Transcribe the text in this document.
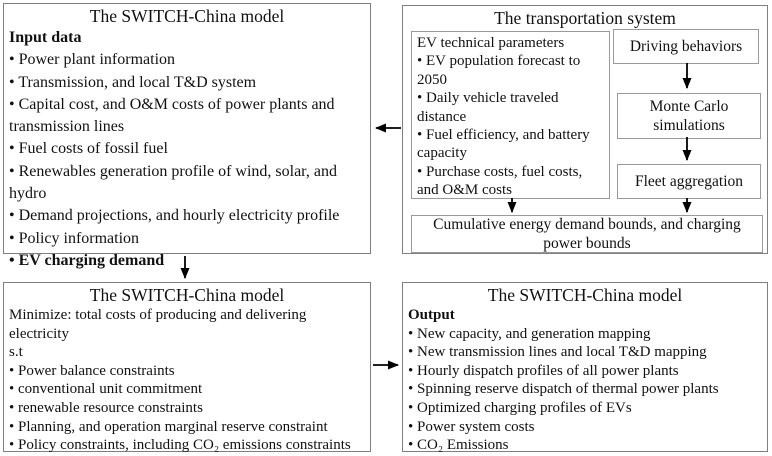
The SWITCH-China model
Input data
• Power plant information
• Transmission, and local T&D system
• Capital cost, and O&M costs of power plants and transmission lines
• Fuel costs of fossil fuel
• Renewables generation profile of wind, solar, and hydro
• Demand projections, and hourly electricity profile
• Policy information
• EV charging demand
The transportation system
EV technical parameters
• EV population forecast to 2050
• Daily vehicle traveled distance
• Fuel efficiency, and battery capacity
• Purchase costs, fuel costs, and O&M costs
Driving behaviors
Monte Carlo simulations
Fleet aggregation
Cumulative energy demand bounds, and charging power bounds
The SWITCH-China model
Minimize: total costs of producing and delivering electricity
s.t
• Power balance constraints
• conventional unit commitment
• renewable resource constraints
• Planning, and operation marginal reserve constraint
• Policy constraints, including CO₂ emissions constraints
The SWITCH-China model
Output
• New capacity, and generation mapping
• New transmission lines and local T&D mapping
• Hourly dispatch profiles of all power plants
• Spinning reserve dispatch of thermal power plants
• Optimized charging profiles of EVs
• Power system costs
• CO₂ Emissions
